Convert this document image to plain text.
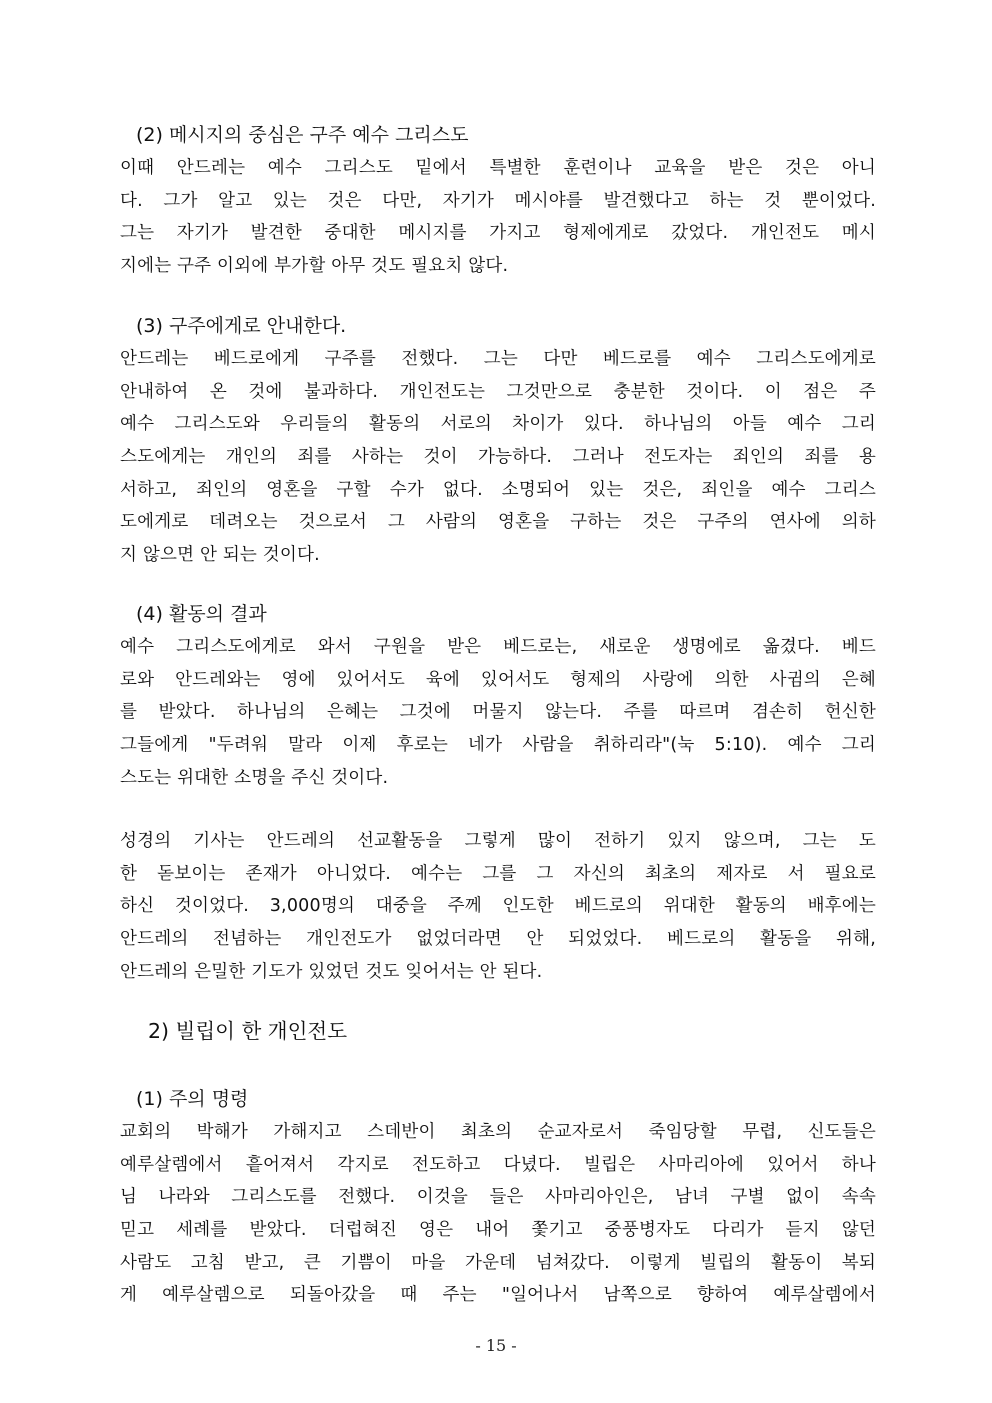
(2) 메시지의 중심은 구주 예수 그리스도
이때 안드레는 예수 그리스도 밑에서 특별한 훈련이나 교육을 받은 것은 아니
다. 그가 알고 있는 것은 다만, 자기가 메시야를 발견했다고 하는 것 뿐이었다.
그는 자기가 발견한 중대한 메시지를 가지고 형제에게로 갔었다. 개인전도 메시
지에는 구주 이외에 부가할 아무 것도 필요치 않다.
(3) 구주에게로 안내한다.
안드레는 베드로에게 구주를 전했다. 그는 다만 베드로를 예수 그리스도에게로
안내하여 온 것에 불과하다. 개인전도는 그것만으로 충분한 것이다. 이 점은 주
예수 그리스도와 우리들의 활동의 서로의 차이가 있다. 하나님의 아들 예수 그리
스도에게는 개인의 죄를 사하는 것이 가능하다. 그러나 전도자는 죄인의 죄를 용
서하고, 죄인의 영혼을 구할 수가 없다. 소명되어 있는 것은, 죄인을 예수 그리스
도에게로 데려오는 것으로서 그 사람의 영혼을 구하는 것은 구주의 연사에 의하
지 않으면 안 되는 것이다.
(4) 활동의 결과
예수 그리스도에게로 와서 구원을 받은 베드로는, 새로운 생명에로 옮겼다. 베드
로와 안드레와는 영에 있어서도 육에 있어서도 형제의 사랑에 의한 사귐의 은혜
를 받았다. 하나님의 은혜는 그것에 머물지 않는다. 주를 따르며 겸손히 헌신한
그들에게 "두려워 말라 이제 후로는 네가 사람을 취하리라"(눅 5:10). 예수 그리
스도는 위대한 소명을 주신 것이다.
성경의 기사는 안드레의 선교활동을 그렇게 많이 전하기 있지 않으며, 그는 도
한 돋보이는 존재가 아니었다. 예수는 그를 그 자신의 최초의 제자로 서 필요로
하신 것이었다. 3,000명의 대중을 주께 인도한 베드로의 위대한 활동의 배후에는
안드레의 전념하는 개인전도가 없었더라면 안 되었었다. 베드로의 활동을 위해,
안드레의 은밀한 기도가 있었던 것도 잊어서는 안 된다.
2) 빌립이 한 개인전도
(1) 주의 명령
교회의 박해가 가해지고 스데반이 최초의 순교자로서 죽임당할 무렵, 신도들은
예루살렘에서 흩어져서 각지로 전도하고 다녔다. 빌립은 사마리아에 있어서 하나
님 나라와 그리스도를 전했다. 이것을 들은 사마리아인은, 남녀 구별 없이 속속
믿고 세례를 받았다. 더럽혀진 영은 내어 쫓기고 중풍병자도 다리가 듣지 않던
사람도 고침 받고, 큰 기쁨이 마을 가운데 넘쳐갔다. 이렇게 빌립의 활동이 복되
게 예루살렘으로 되돌아갔을 때 주는 "일어나서 남쪽으로 향하여 예루살렘에서
- 15 -
